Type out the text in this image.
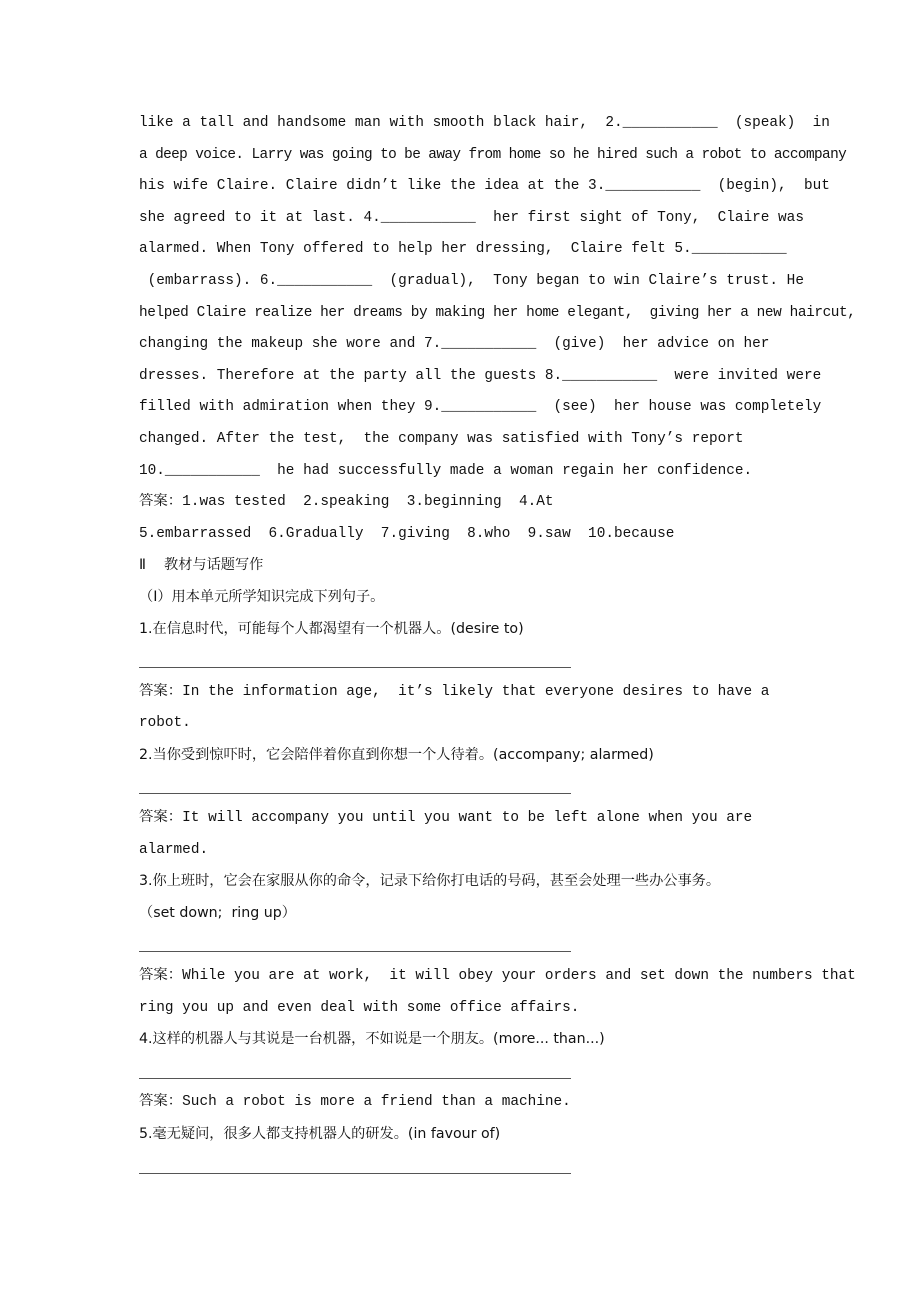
like a tall and handsome man with smooth black hair,  2.___________  (speak)  in
a deep voice. Larry was going to be away from home so he hired such a robot to accompany
his wife Claire. Claire didn’t like the idea at the 3.___________  (begin),  but
she agreed to it at last. 4.___________  her first sight of Tony,  Claire was
alarmed. When Tony offered to help her dressing,  Claire felt 5.___________
(embarrass). 6.___________  (gradual),  Tony began to win Claire’s trust. He
helped Claire realize her dreams by making her home elegant,  giving her a new haircut,
changing the makeup she wore and 7.___________  (give)  her advice on her
dresses. Therefore at the party all the guests 8.___________  were invited were
filled with admiration when they 9.___________  (see)  her house was completely
changed. After the test,  the company was satisfied with Tony’s report
10.___________  he had successfully made a woman regain her confidence.
答案：1.was tested  2.speaking  3.beginning  4.At
5.embarrassed  6.Gradually  7.giving  8.who  9.saw  10.because
Ⅱ    教材与话题写作
（Ⅰ）用本单元所学知识完成下列句子。
1.在信息时代，可能每个人都渴望有一个机器人。(desire to)
答案：In the information age,  it’s likely that everyone desires to have a
robot.
2.当你受到惊吓时，它会陪伴着你直到你想一个人待着。(accompany; alarmed)
答案：It will accompany you until you want to be left alone when you are
alarmed.
3.你上班时，它会在家服从你的命令，记录下给你打电话的号码，甚至会处理一些办公事务。
（set down;  ring up）
答案：While you are at work,  it will obey your orders and set down the numbers that
ring you up and even deal with some office affairs.
4.这样的机器人与其说是一台机器，不如说是一个朋友。(more... than...)
答案：Such a robot is more a friend than a machine.
5.毫无疑问，很多人都支持机器人的研发。(in favour of)
